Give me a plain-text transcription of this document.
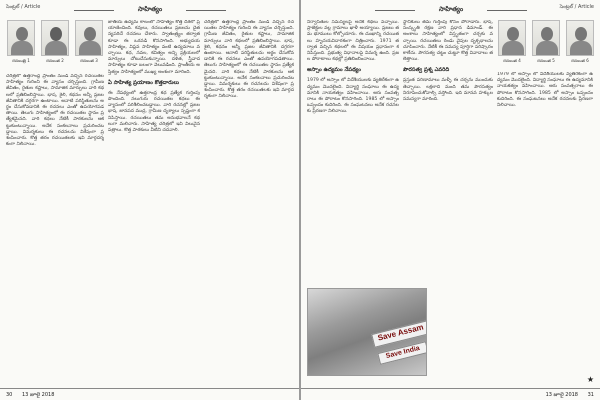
సెంట్రల్ / Article	సాహిత్యం
రచయిత్రి 1	రచయిత 2	రచయిత 3
చరిత్రలో ఉత్తరాంధ్ర ప్రాంతం నుండి వచ్చిన రచయితల సాహిత్యం గురించి ఈ వ్యాసం చర్చిస్తుంది. గ్రామీణ జీవితం, రైతుల కష్టాలు, సామాజిక మార్పులు వారి కథలలో ప్రతిబింబిస్తాయి. భాష, శైలి, కథనం అన్నీ ప్రజల జీవితానికి దగ్గరగా ఉంటాయి. ఆనాటి పరిస్థితులను అర్థం చేసుకోవడానికి ఈ రచనలు ఎంతో ఉపయోగపడతాయి. తెలుగు సాహిత్యంలో ఈ రచయితల స్థానం ప్రత్యేకమైనది. వారి కథలు నేటికీ పాఠకులను ఆకట్టుకుంటున్నాయి. అనేక సంకలనాలు ప్రచురించబడ్డాయి. విమర్శకులు ఈ రచనలను విశేషంగా ప్రశంసించారు. కొత్త తరం రచయితలకు ఇవి మార్గదర్శకంగా నిలిచాయి.
జాతీయ ఉద్యమ కాలంలో సాహిత్యం కొత్త దిశలో ప్రయాణించింది. కవులు, రచయితలు ప్రజలను చైతన్యపరిచే రచనలు చేశారు. స్వాతంత్ర్యం తర్వాత కూడా ఈ ఒరవడి కొనసాగింది. అభ్యుదయ సాహిత్యం, విప్లవ సాహిత్యం వంటి ఉద్యమాలు వచ్చాయి. కథ, నవల, కవిత్వం అన్ని ప్రక్రియలలో మార్పులు చోటుచేసుకున్నాయి. దళిత, స్త్రీవాద సాహిత్యం కూడా బలంగా వెలువడింది. ప్రాంతీయ అస్తిత్వం సాహిత్యంలో ముఖ్య అంశంగా మారింది.
ఏ సాహిత్య ప్రయాణం కొత్తదారులు
ఈ నేపథ్యంలో ఉత్తరాంధ్ర కథ ప్రత్యేక గుర్తింపు పొందింది. నలుగురు రచయితల కథలు ఈ వ్యాసంలో పరిశీలించబడ్డాయి. వారి రచనల్లో ప్రజల భాష, జానపద ముద్ర, గ్రామీణ దృశ్యాలు స్పష్టంగా కనిపిస్తాయి. రచయితలు తమ అనుభవాలనే కథలుగా మలిచారు. సాహిత్య చరిత్రలో ఇవి విలువైన పత్రాలు. కొత్త పాఠకులు వీటిని చదవాలి.
చరిత్రలో ఉత్తరాంధ్ర ప్రాంతం నుండి వచ్చిన రచయితల సాహిత్యం గురించి ఈ వ్యాసం చర్చిస్తుంది. గ్రామీణ జీవితం, రైతుల కష్టాలు, సామాజిక మార్పులు వారి కథలలో ప్రతిబింబిస్తాయి. భాష, శైలి, కథనం అన్నీ ప్రజల జీవితానికి దగ్గరగా ఉంటాయి. ఆనాటి పరిస్థితులను అర్థం చేసుకోవడానికి ఈ రచనలు ఎంతో ఉపయోగపడతాయి. తెలుగు సాహిత్యంలో ఈ రచయితల స్థానం ప్రత్యేకమైనది. వారి కథలు నేటికీ పాఠకులను ఆకట్టుకుంటున్నాయి. అనేక సంకలనాలు ప్రచురించబడ్డాయి. విమర్శకులు ఈ రచనలను విశేషంగా ప్రశంసించారు. కొత్త తరం రచయితలకు ఇవి మార్గదర్శకంగా నిలిచాయి.
30 13 జూలై 2018
సెంట్రల్ / Article
సాహిత్యం
రచయిత 4	రచయిత 5	రచయిత 6
నిర్వాసితుల సమస్యలపై అనేక కథలు వచ్చాయి. ప్రాజెక్టుల వల్ల గ్రామాలు ఖాళీ అయ్యాయి. ప్రజలు తమ భూములు కోల్పోయారు. ఈ దుఃఖాన్ని రచయితలు హృదయవిదారకంగా చిత్రించారు. 1971 తర్వాత వచ్చిన కథలలో ఈ విషయం ప్రధానంగా కనిపిస్తుంది. ప్రభుత్వ విధానాలపై విమర్శ ఉంది. ప్రజల పోరాటాలు కథల్లో ప్రతిబింబించాయి.
అస్సాం ఉద్యమం నేపథ్యం
1979 లో అస్సాం లో విదేశీయులకు వ్యతిరేకంగా ఉద్యమం మొదలైంది. విద్యార్థి సంఘాలు ఈ ఉద్యమానికి నాయకత్వం వహించాయి. ఆరు సంవత్సరాలు ఈ పోరాటం కొనసాగింది. 1985 లో అస్సాం ఒప్పందం కుదిరింది. ఈ సంఘటనలు అనేక రచనలకు ప్రేరణగా నిలిచాయి.
స్థానికులు తమ గుర్తింపు కోసం పోరాడారు. భాష, సంస్కృతి రక్షణ వారి ప్రధాన డిమాండ్. ఈ అంశాలు సాహిత్యంలో విస్తృతంగా చర్చకు వచ్చాయి. రచయితలు రెండు వైపుల దృక్పథాలను చూపించారు. నేటికీ ఈ సమస్య పూర్తిగా పరిష్కారం కాలేదు. పౌరసత్వ చట్టం చుట్టూ కొత్త వివాదాలు తలెత్తాయి.
పౌరసత్వ ప్రశ్న ఎవరిది
ప్రస్తుత పరిణామాలు మళ్ళీ ఈ చర్చను ముందుకు తెచ్చాయి. లక్షలాది మంది తమ పౌరసత్వం నిరూపించుకోవాల్సి వస్తోంది. ఇది మానవ హక్కుల సమస్యగా మారింది.
1979 లో అస్సాం లో విదేశీయులకు వ్యతిరేకంగా ఉద్యమం మొదలైంది. విద్యార్థి సంఘాలు ఈ ఉద్యమానికి నాయకత్వం వహించాయి. ఆరు సంవత్సరాలు ఈ పోరాటం కొనసాగింది. 1985 లో అస్సాం ఒప్పందం కుదిరింది. ఈ సంఘటనలు అనేక రచనలకు ప్రేరణగా నిలిచాయి.
Save Assam
Save India
★
13 జూలై 2018 31
